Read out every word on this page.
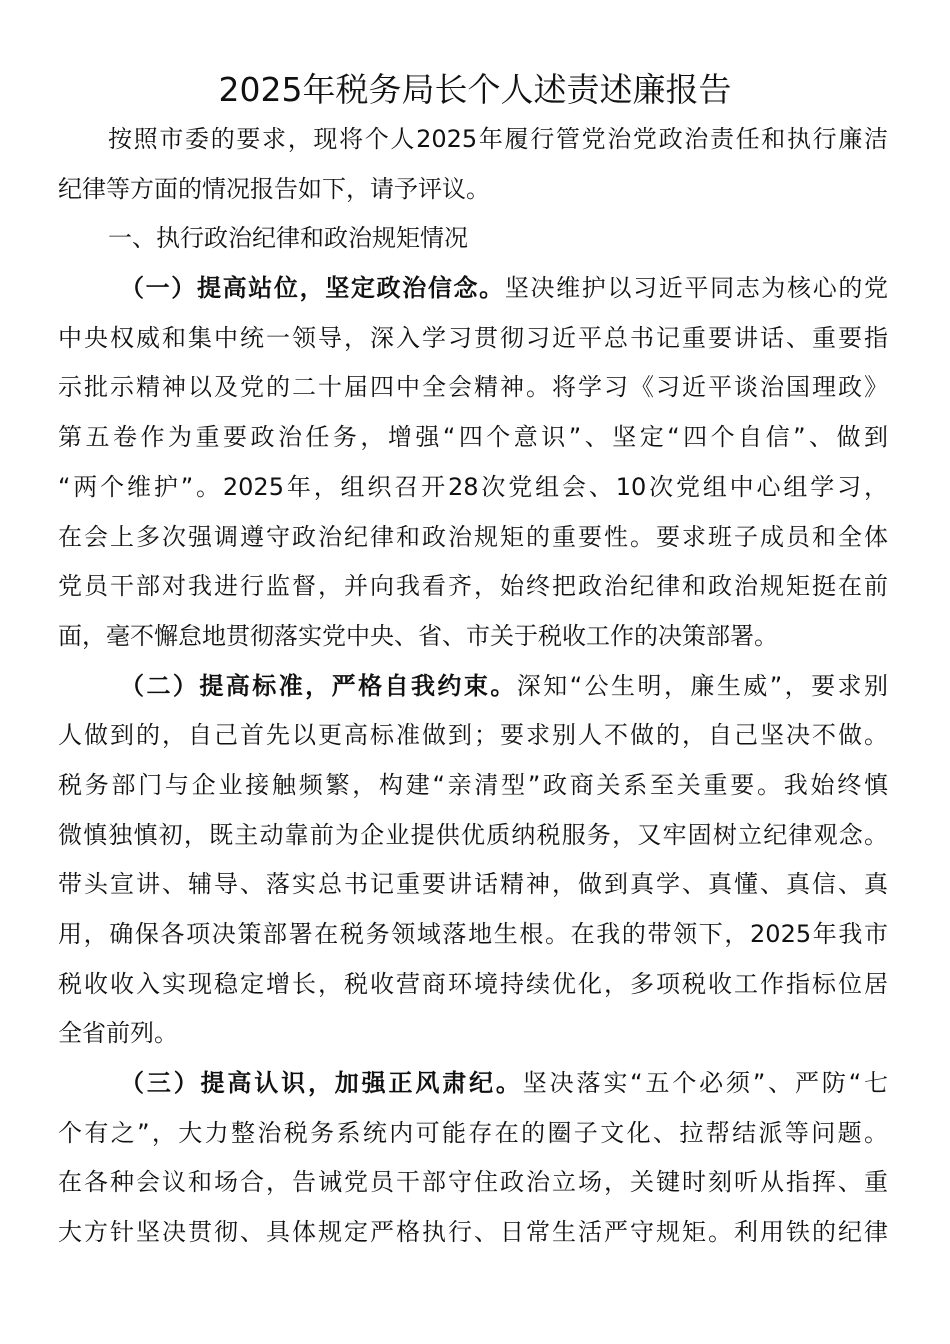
2025年税务局长个人述责述廉报告
按照市委的要求，现将个人2025年履行管党治党政治责任和执行廉洁
纪律等方面的情况报告如下，请予评议。
一、执行政治纪律和政治规矩情况
（一）提高站位，坚定政治信念。坚决维护以习近平同志为核心的党
中央权威和集中统一领导，深入学习贯彻习近平总书记重要讲话、重要指
示批示精神以及党的二十届四中全会精神。将学习《习近平谈治国理政》
第五卷作为重要政治任务，增强“四个意识”、坚定“四个自信”、做到
“两个维护”。2025年，组织召开28次党组会、10次党组中心组学习，
在会上多次强调遵守政治纪律和政治规矩的重要性。要求班子成员和全体
党员干部对我进行监督，并向我看齐，始终把政治纪律和政治规矩挺在前
面，毫不懈怠地贯彻落实党中央、省、市关于税收工作的决策部署。
（二）提高标准，严格自我约束。深知“公生明，廉生威”，要求别
人做到的，自己首先以更高标准做到；要求别人不做的，自己坚决不做。
税务部门与企业接触频繁，构建“亲清型”政商关系至关重要。我始终慎
微慎独慎初，既主动靠前为企业提供优质纳税服务，又牢固树立纪律观念。
带头宣讲、辅导、落实总书记重要讲话精神，做到真学、真懂、真信、真
用，确保各项决策部署在税务领域落地生根。在我的带领下，2025年我市
税收收入实现稳定增长，税收营商环境持续优化，多项税收工作指标位居
全省前列。
（三）提高认识，加强正风肃纪。坚决落实“五个必须”、严防“七
个有之”，大力整治税务系统内可能存在的圈子文化、拉帮结派等问题。
在各种会议和场合，告诫党员干部守住政治立场，关键时刻听从指挥、重
大方针坚决贯彻、具体规定严格执行、日常生活严守规矩。利用铁的纪律
